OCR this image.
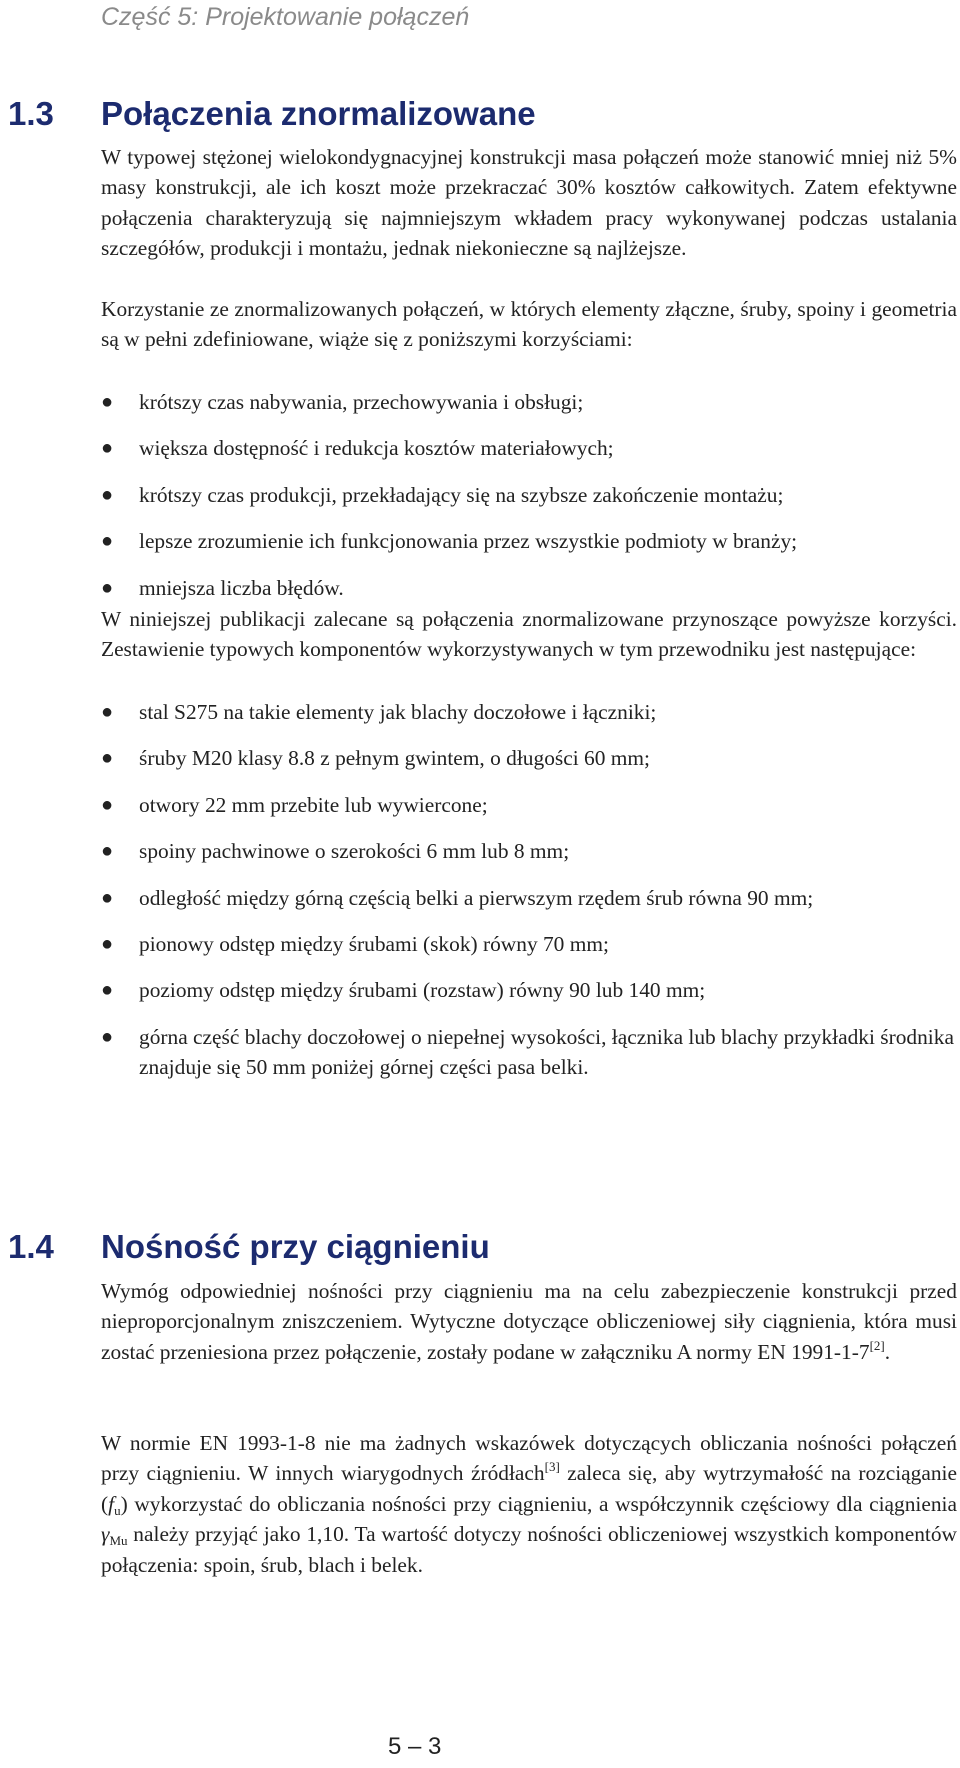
Część 5: Projektowanie połączeń
1.3 Połączenia znormalizowane

W typowej stężonej wielokondygnacyjnej konstrukcji masa połączeń może stanowić mniej niż 5% masy konstrukcji, ale ich koszt może przekraczać 30% kosztów całkowitych. Zatem efektywne połączenia charakteryzują się najmniejszym wkładem pracy wykonywanej podczas ustalania szczegółów, produkcji i montażu, jednak niekonieczne są najlżejsze.

Korzystanie ze znormalizowanych połączeń, w których elementy złączne, śruby, spoiny i geometria są w pełni zdefiniowane, wiąże się z poniższymi korzyściami:

●	krótszy czas nabywania, przechowywania i obsługi;
●	większa dostępność i redukcja kosztów materiałowych;
●	krótszy czas produkcji, przekładający się na szybsze zakończenie montażu;
●	lepsze zrozumienie ich funkcjonowania przez wszystkie podmioty w branży;
●	mniejsza liczba błędów.

W niniejszej publikacji zalecane są połączenia znormalizowane przynoszące powyższe korzyści. Zestawienie typowych komponentów wykorzystywanych w tym przewodniku jest następujące:

●	stal S275 na takie elementy jak blachy doczołowe i łączniki;
●	śruby M20 klasy 8.8 z pełnym gwintem, o długości 60 mm;
●	otwory 22 mm przebite lub wywiercone;
●	spoiny pachwinowe o szerokości 6 mm lub 8 mm;
●	odległość między górną częścią belki a pierwszym rzędem śrub równa 90 mm;
●	pionowy odstęp między śrubami (skok) równy 70 mm;
●	poziomy odstęp między śrubami (rozstaw) równy 90 lub 140 mm;
●	górna część blachy doczołowej o niepełnej wysokości, łącznika lub blachy przykładki środnika znajduje się 50 mm poniżej górnej części pasa belki.
1.4 Nośność przy ciągnieniu

Wymóg odpowiedniej nośności przy ciągnieniu ma na celu zabezpieczenie konstrukcji przed nieproporcjonalnym zniszczeniem. Wytyczne dotyczące obliczeniowej siły ciągnienia, która musi zostać przeniesiona przez połączenie, zostały podane w załączniku A normy EN 1991-1-7[2].

W normie EN 1993-1-8 nie ma żadnych wskazówek dotyczących obliczania nośności połączeń przy ciągnieniu. W innych wiarygodnych źródłach[3] zaleca się, aby wytrzymałość na rozciąganie $(f_u)$ wykorzystać do obliczania nośności przy ciągnieniu, a współczynnik częściowy dla ciągnienia $\gamma_{Mu}$ należy przyjąć jako 1,10. Ta wartość dotyczy nośności obliczeniowej wszystkich komponentów połączenia: spoin, śrub, blach i belek.

5 – 3
